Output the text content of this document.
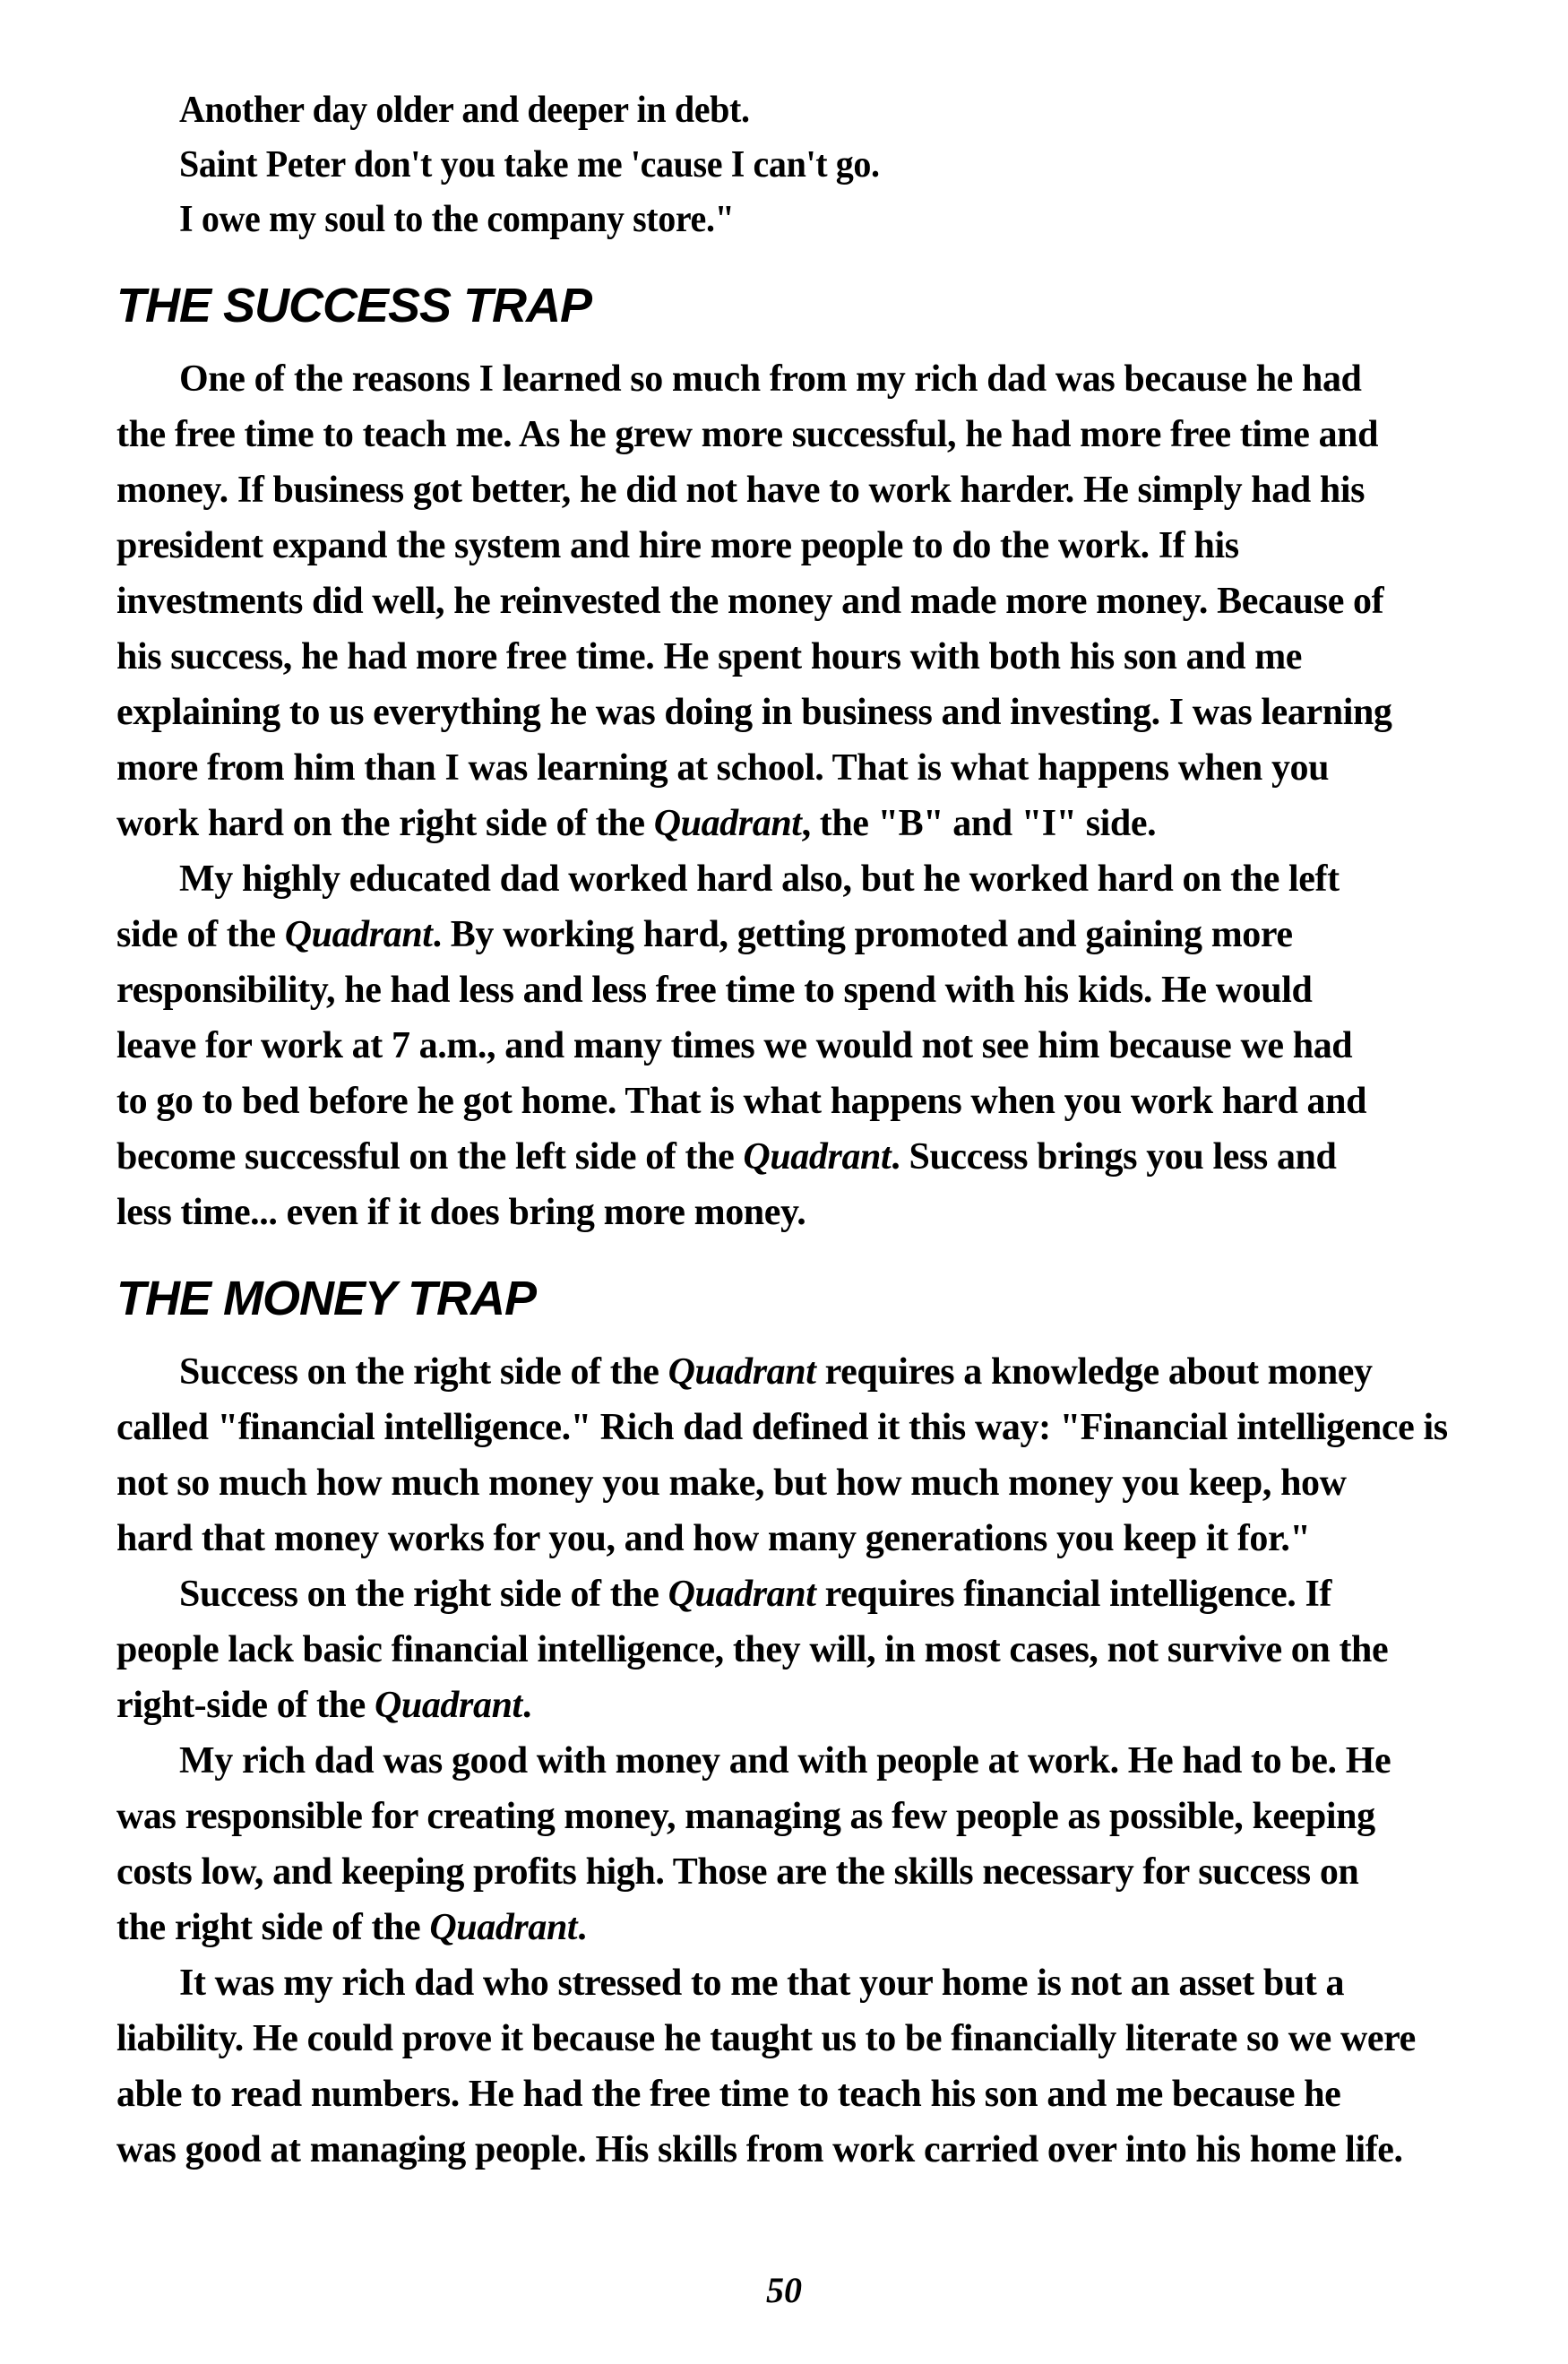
Another day older and deeper in debt.
Saint Peter don't you take me 'cause I can't go.
I owe my soul to the company store."
THE SUCCESS TRAP
One of the reasons I learned so much from my rich dad was because he had
the free time to teach me. As he grew more successful, he had more free time and
money. If business got better, he did not have to work harder. He simply had his
president expand the system and hire more people to do the work. If his
investments did well, he reinvested the money and made more money. Because of
his success, he had more free time. He spent hours with both his son and me
explaining to us everything he was doing in business and investing. I was learning
more from him than I was learning at school. That is what happens when you
work hard on the right side of the Quadrant, the "B" and "I" side.
My highly educated dad worked hard also, but he worked hard on the left
side of the Quadrant. By working hard, getting promoted and gaining more
responsibility, he had less and less free time to spend with his kids. He would
leave for work at 7 a.m., and many times we would not see him because we had
to go to bed before he got home. That is what happens when you work hard and
become successful on the left side of the Quadrant. Success brings you less and
less time... even if it does bring more money.
THE MONEY TRAP
Success on the right side of the Quadrant requires a knowledge about money
called "financial intelligence." Rich dad defined it this way: "Financial intelligence is
not so much how much money you make, but how much money you keep, how
hard that money works for you, and how many generations you keep it for."
Success on the right side of the Quadrant requires financial intelligence. If
people lack basic financial intelligence, they will, in most cases, not survive on the
right-side of the Quadrant.
My rich dad was good with money and with people at work. He had to be. He
was responsible for creating money, managing as few people as possible, keeping
costs low, and keeping profits high. Those are the skills necessary for success on
the right side of the Quadrant.
It was my rich dad who stressed to me that your home is not an asset but a
liability. He could prove it because he taught us to be financially literate so we were
able to read numbers. He had the free time to teach his son and me because he
was good at managing people. His skills from work carried over into his home life.
50
